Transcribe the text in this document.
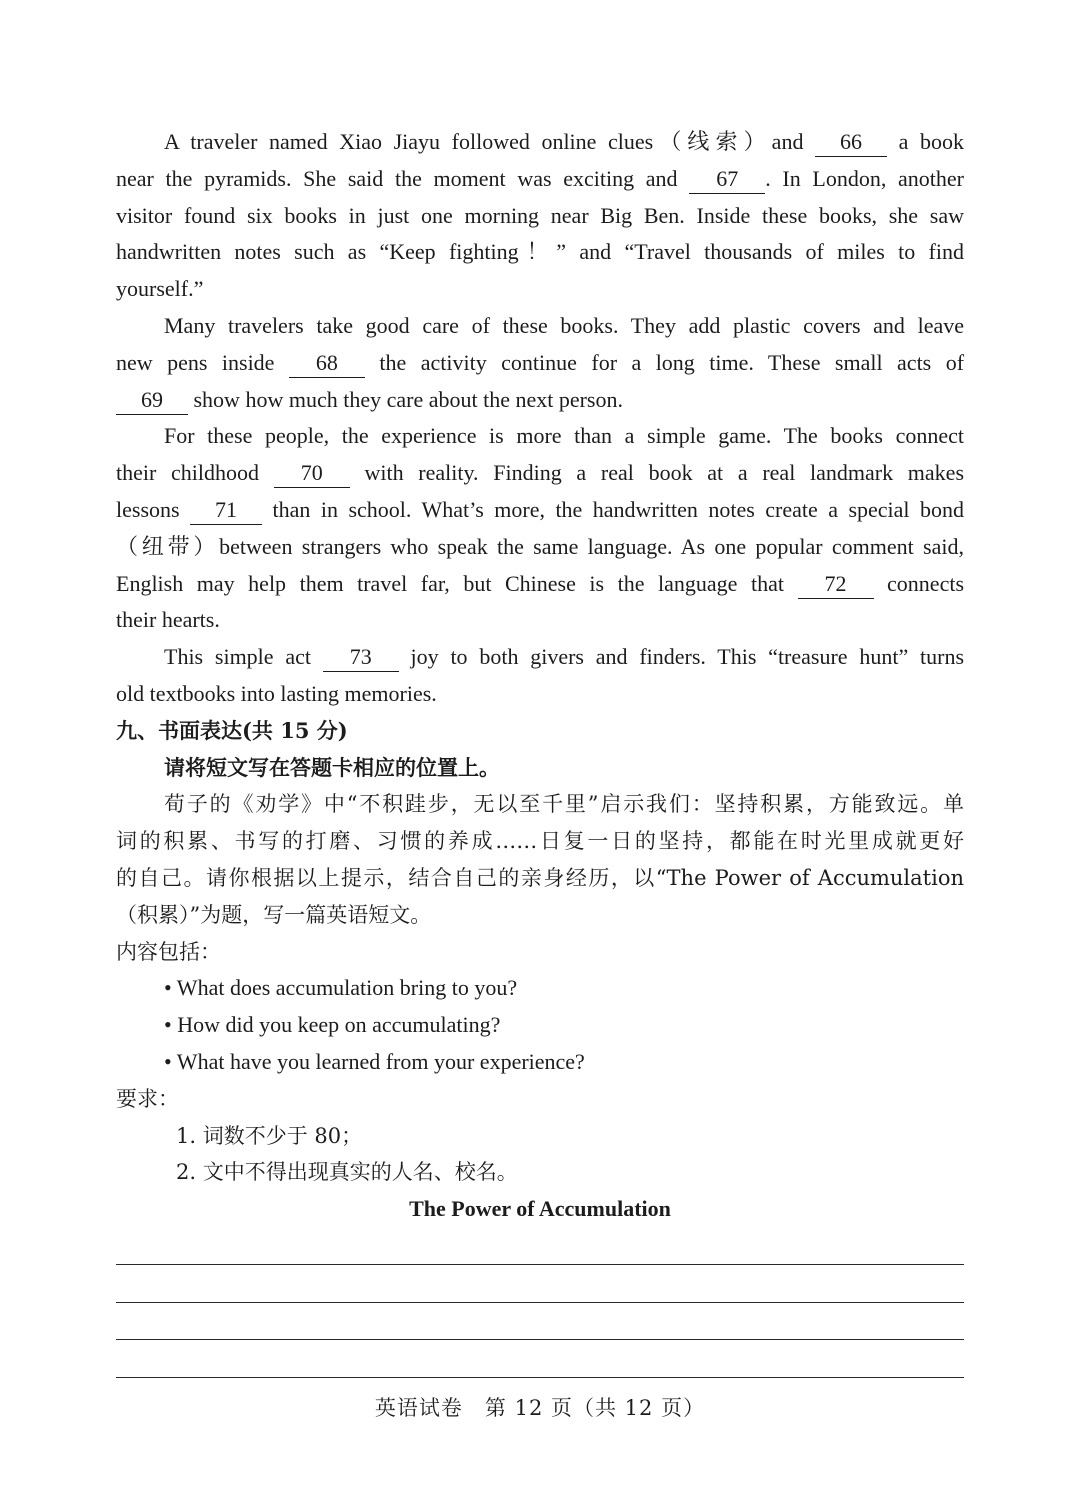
A traveler named Xiao Jiayu followed online clues（线索）and 66 a book
near the pyramids. She said the moment was exciting and 67 . In London, another
visitor found six books in just one morning near Big Ben. Inside these books, she saw
handwritten notes such as “Keep fighting！” and “Travel thousands of miles to find
yourself.”
Many travelers take good care of these books. They add plastic covers and leave
new pens inside 68 the activity continue for a long time. These small acts of
69 show how much they care about the next person.
For these people, the experience is more than a simple game. The books connect
their childhood 70 with reality. Finding a real book at a real landmark makes
lessons 71 than in school. What’s more, the handwritten notes create a special bond
（纽带）between strangers who speak the same language. As one popular comment said,
English may help them travel far, but Chinese is the language that 72 connects
their hearts.
This simple act 73 joy to both givers and finders. This “treasure hunt” turns
old textbooks into lasting memories.
九、书面表达(共 15 分)
请将短文写在答题卡相应的位置上。
荀子的《劝学》中“不积跬步，无以至千里”启示我们：坚持积累，方能致远。单
词的积累、书写的打磨、习惯的养成……日复一日的坚持，都能在时光里成就更好
的自己。请你根据以上提示，结合自己的亲身经历，以“The Power of Accumulation
（积累）”为题，写一篇英语短文。
内容包括：
• What does accumulation bring to you?
• How did you keep on accumulating?
• What have you learned from your experience?
要求：
1. 词数不少于 80；
2. 文中不得出现真实的人名、校名。
The Power of Accumulation
英语试卷　第 12 页（共 12 页）
